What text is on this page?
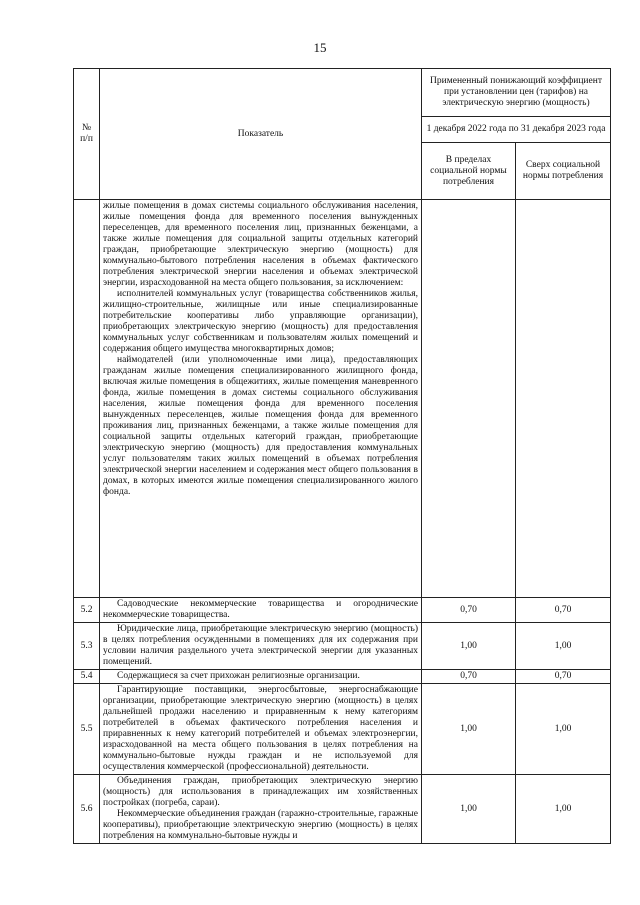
15
№ п/п	Показатель	Примененный понижающий коэффициент при установлении цен (тарифов) на электрическую энергию (мощность)	
		1 декабря 2022 года по 31 декабря 2023 года	
		В пределах социальной нормы потребления	Сверх социальной нормы потребления

	жилые помещения в домах системы социального обслуживания населения, жилые помещения фонда для временного поселения вынужденных переселенцев, для временного поселения лиц, признанных беженцами, а также жилые помещения для социальной защиты отдельных категорий граждан, приобретающие электрическую энергию (мощность) для коммунально-бытового потребления населения в объемах фактического потребления электрической энергии населения и объемах электрической энергии, израсходованной на места общего пользования, за исключением:

исполнителей коммунальных услуг (товарищества собственников жилья, жилищно-строительные, жилищные или иные специализированные потребительские кооперативы либо управляющие организации), приобретающих электрическую энергию (мощность) для предоставления коммунальных услуг собственникам и пользователям жилых помещений и содержания общего имущества многоквартирных домов;

наймодателей (или уполномоченные ими лица), предоставляющих гражданам жилые помещения специализированного жилищного фонда, включая жилые помещения в общежитиях, жилые помещения маневренного фонда, жилые помещения в домах системы социального обслуживания населения, жилые помещения фонда для временного поселения вынужденных переселенцев, жилые помещения фонда для временного проживания лиц, признанных беженцами, а также жилые помещения для социальной защиты отдельных категорий граждан, приобретающие электрическую энергию (мощность) для предоставления коммунальных услуг пользователям таких жилых помещений в объемах потребления электрической энергии населением и содержания мест общего пользования в домах, в которых имеются жилые помещения специализированного жилого фонда.		

5.2	Садоводческие некоммерческие товарищества и огороднические некоммерческие товарищества.	0,70	0,70
5.3	Юридические лица, приобретающие электрическую энергию (мощность) в целях потребления осужденными в помещениях для их содержания при условии наличия раздельного учета электрической энергии для указанных помещений.	1,00	1,00
5.4	Содержащиеся за счет прихожан религиозные организации.	0,70	0,70
5.5	Гарантирующие поставщики, энергосбытовые, энергоснабжающие организации, приобретающие электрическую энергию (мощность) в целях дальнейшей продажи населению и приравненным к нему категориям потребителей в объемах фактического потребления населения и приравненных к нему категорий потребителей и объемах электроэнергии, израсходованной на места общего пользования в целях потребления на коммунально-бытовые нужды граждан и не используемой для осуществления коммерческой (профессиональной) деятельности.	1,00	1,00
5.6	Объединения граждан, приобретающих электрическую энергию (мощность) для использования в принадлежащих им хозяйственных постройках (погреба, сараи).

Некоммерческие объединения граждан (гаражно-строительные, гаражные кооперативы), приобретающие электрическую энергию (мощность) в целях потребления на коммунально-бытовые нужды и	1,00	1,00
